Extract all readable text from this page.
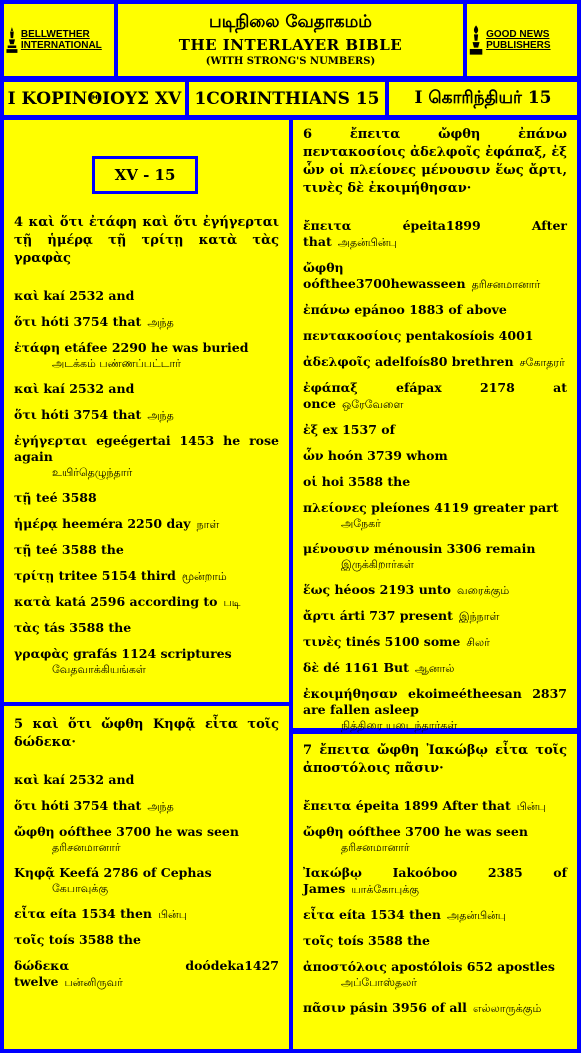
BELLWETHER INTERNATIONAL
படிநிலை வேதாகமம்
THE INTERLAYER BIBLE
(WITH STRONG'S NUMBERS)
GOOD NEWS PUBLISHERS
Ι ΚΟΡΙΝΘΙΟΥΣ XV 1CORINTHIANS 15	I கொரிந்தியர் 15
XV - 15
4 καὶ ὅτι ἐτάφη καὶ ὅτι ἐγήγερται τῇ ἡμέρᾳ τῇ τρίτῃ κατὰ τὰς γραφὰς
καὶ kaí 2532 and
ὅτι hóti 3754 that அந்த
ἐτάφη etáfee 2290 he was buried
அடக்கம் பண்ணப்பட்டார்
καὶ kaí 2532 and
ὅτι hóti 3754 that அந்த
ἐγήγερται egeégertai 1453 he rose again
உயிர்தெழுந்தார்
τῇ teé 3588
ἡμέρᾳ heeméra 2250 day நாள்
τῇ teé 3588 the
τρίτῃ tritee 5154 third மூன்றாம்
κατὰ katá 2596 according to படி
τὰς tás 3588 the
γραφὰς grafás 1124 scriptures
வேதவாக்கியங்கள்
5 καὶ ὅτι ὤφθη Κηφᾷ εἶτα τοῖς δώδεκα·
καὶ kaí 2532 and
ὅτι hóti 3754 that அந்த
ὤφθη oófthee 3700 he was seen
தரிசனமானார்
Κηφᾷ Keefá 2786 of Cephas
கேபாவுக்கு
εἶτα eíta 1534 then பின்பு
τοῖς toís 3588 the
δώδεκα doódeka1427 twelve பன்னிருவர்
6 ἔπειτα ὤφθη ἐπάνω πεντακοσίοις ἀδελφοῖς ἐφάπαξ, ἐξ ὧν οἱ πλείονες μένουσιν ἕως ἄρτι, τινὲς δὲ ἐκοιμήθησαν·
ἔπειτα épeita1899 After that அதன்பின்பு
ὤφθη oófthee3700hewasseen தரிசனமானார்
ἐπάνω epánoo 1883 of above
πεντακοσίοις pentakosíois 4001
ἀδελφοῖς adelfoís80 brethren சகோதரர்
ἐφάπαξ efápax 2178 at once ஒரேவேளை
ἐξ ex 1537 of
ὧν hoón 3739 whom
οἱ hoi 3588 the
πλείονες pleíones 4119 greater part
அநேகர்
μένουσιν ménousin 3306 remain
இருக்கிறார்கள்
ἕως héoos 2193 unto வரைக்கும்
ἄρτι árti 737 present இந்நாள்
τινὲς tinés 5100 some சிலர்
δὲ dé 1161 But ஆனால்
ἐκοιμήθησαν ekoimeétheesan 2837 are fallen asleep
நித்திரை யடைந்தார்கள்
7 ἔπειτα ὤφθη Ἰακώβῳ εἶτα τοῖς ἀποστόλοις πᾶσιν·
ἔπειτα épeita 1899 After that பின்பு
ὤφθη oófthee 3700 he was seen
தரிசனமானார்
Ἰακώβῳ Iakoóboo 2385 of James யாக்கோபுக்கு
εἶτα eíta 1534 then அதன்பின்பு
τοῖς toís 3588 the
ἀποστόλοις apostólois 652 apostles
அப்போஸ்தலர்
πᾶσιν pásin 3956 of all எல்லாருக்கும்
